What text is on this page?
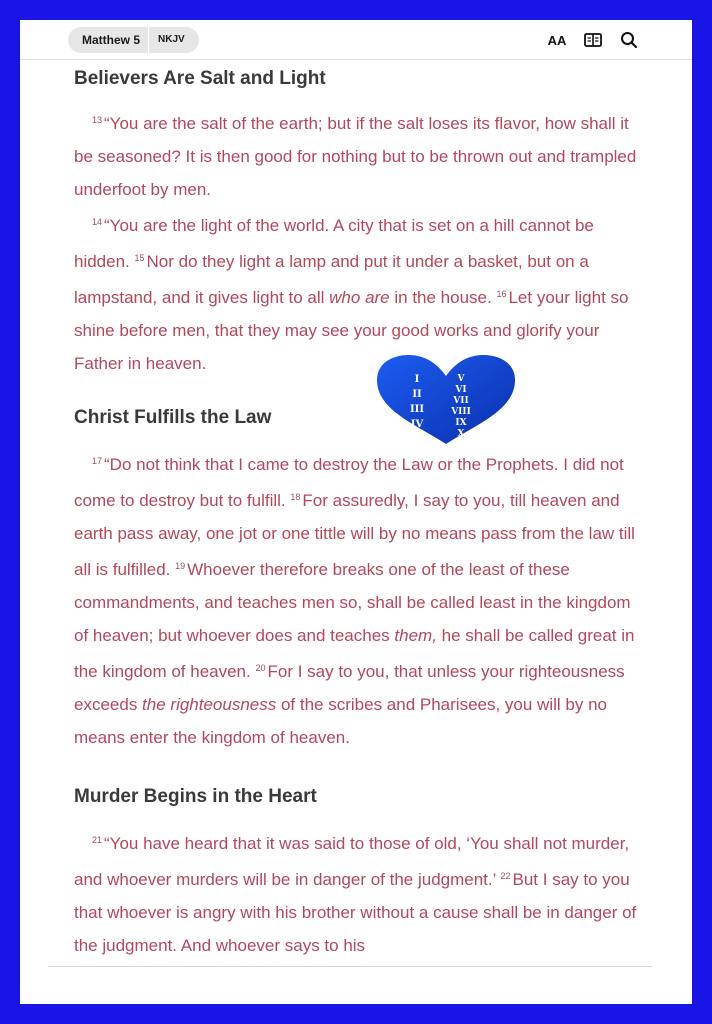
Matthew 5	NKJV	AA
Believers Are Salt and Light

$^{13}$ “You are the salt of the earth; but if the salt loses its flavor, how shall it be seasoned? It is then good for nothing but to be thrown out and trampled underfoot by men.

$^{14}$ “You are the light of the world. A city that is set on a hill cannot be hidden. $^{15}$ Nor do they light a lamp and put it under a basket, but on a lampstand, and it gives light to all who are in the house. $^{16}$ Let your light so shine before men, that they may see your good works and glorify your Father in heaven.

Christ Fulfills the Law

$^{17}$ “Do not think that I came to destroy the Law or the Prophets. I did not come to destroy but to fulfill. $^{18}$ For assuredly, I say to you, till heaven and earth pass away, one jot or one tittle will by no means pass from the law till all is fulfilled. $^{19}$ Whoever therefore breaks one of the least of these commandments, and teaches men so, shall be called least in the kingdom of heaven; but whoever does and teaches them, he shall be called great in the kingdom of heaven. $^{20}$ For I say to you, that unless your righteousness exceeds the righteousness of the scribes and Pharisees, you will by no means enter the kingdom of heaven.

Murder Begins in the Heart

$^{21}$ “You have heard that it was said to those of old, ‘You shall not murder, and whoever murders will be in danger of the judgment.’ $^{22}$ But I say to you that whoever is angry with his brother without a cause shall be in danger of the judgment. And whoever says to his

I
II
III
IV
V
VI
VII
VIII
IX
X
